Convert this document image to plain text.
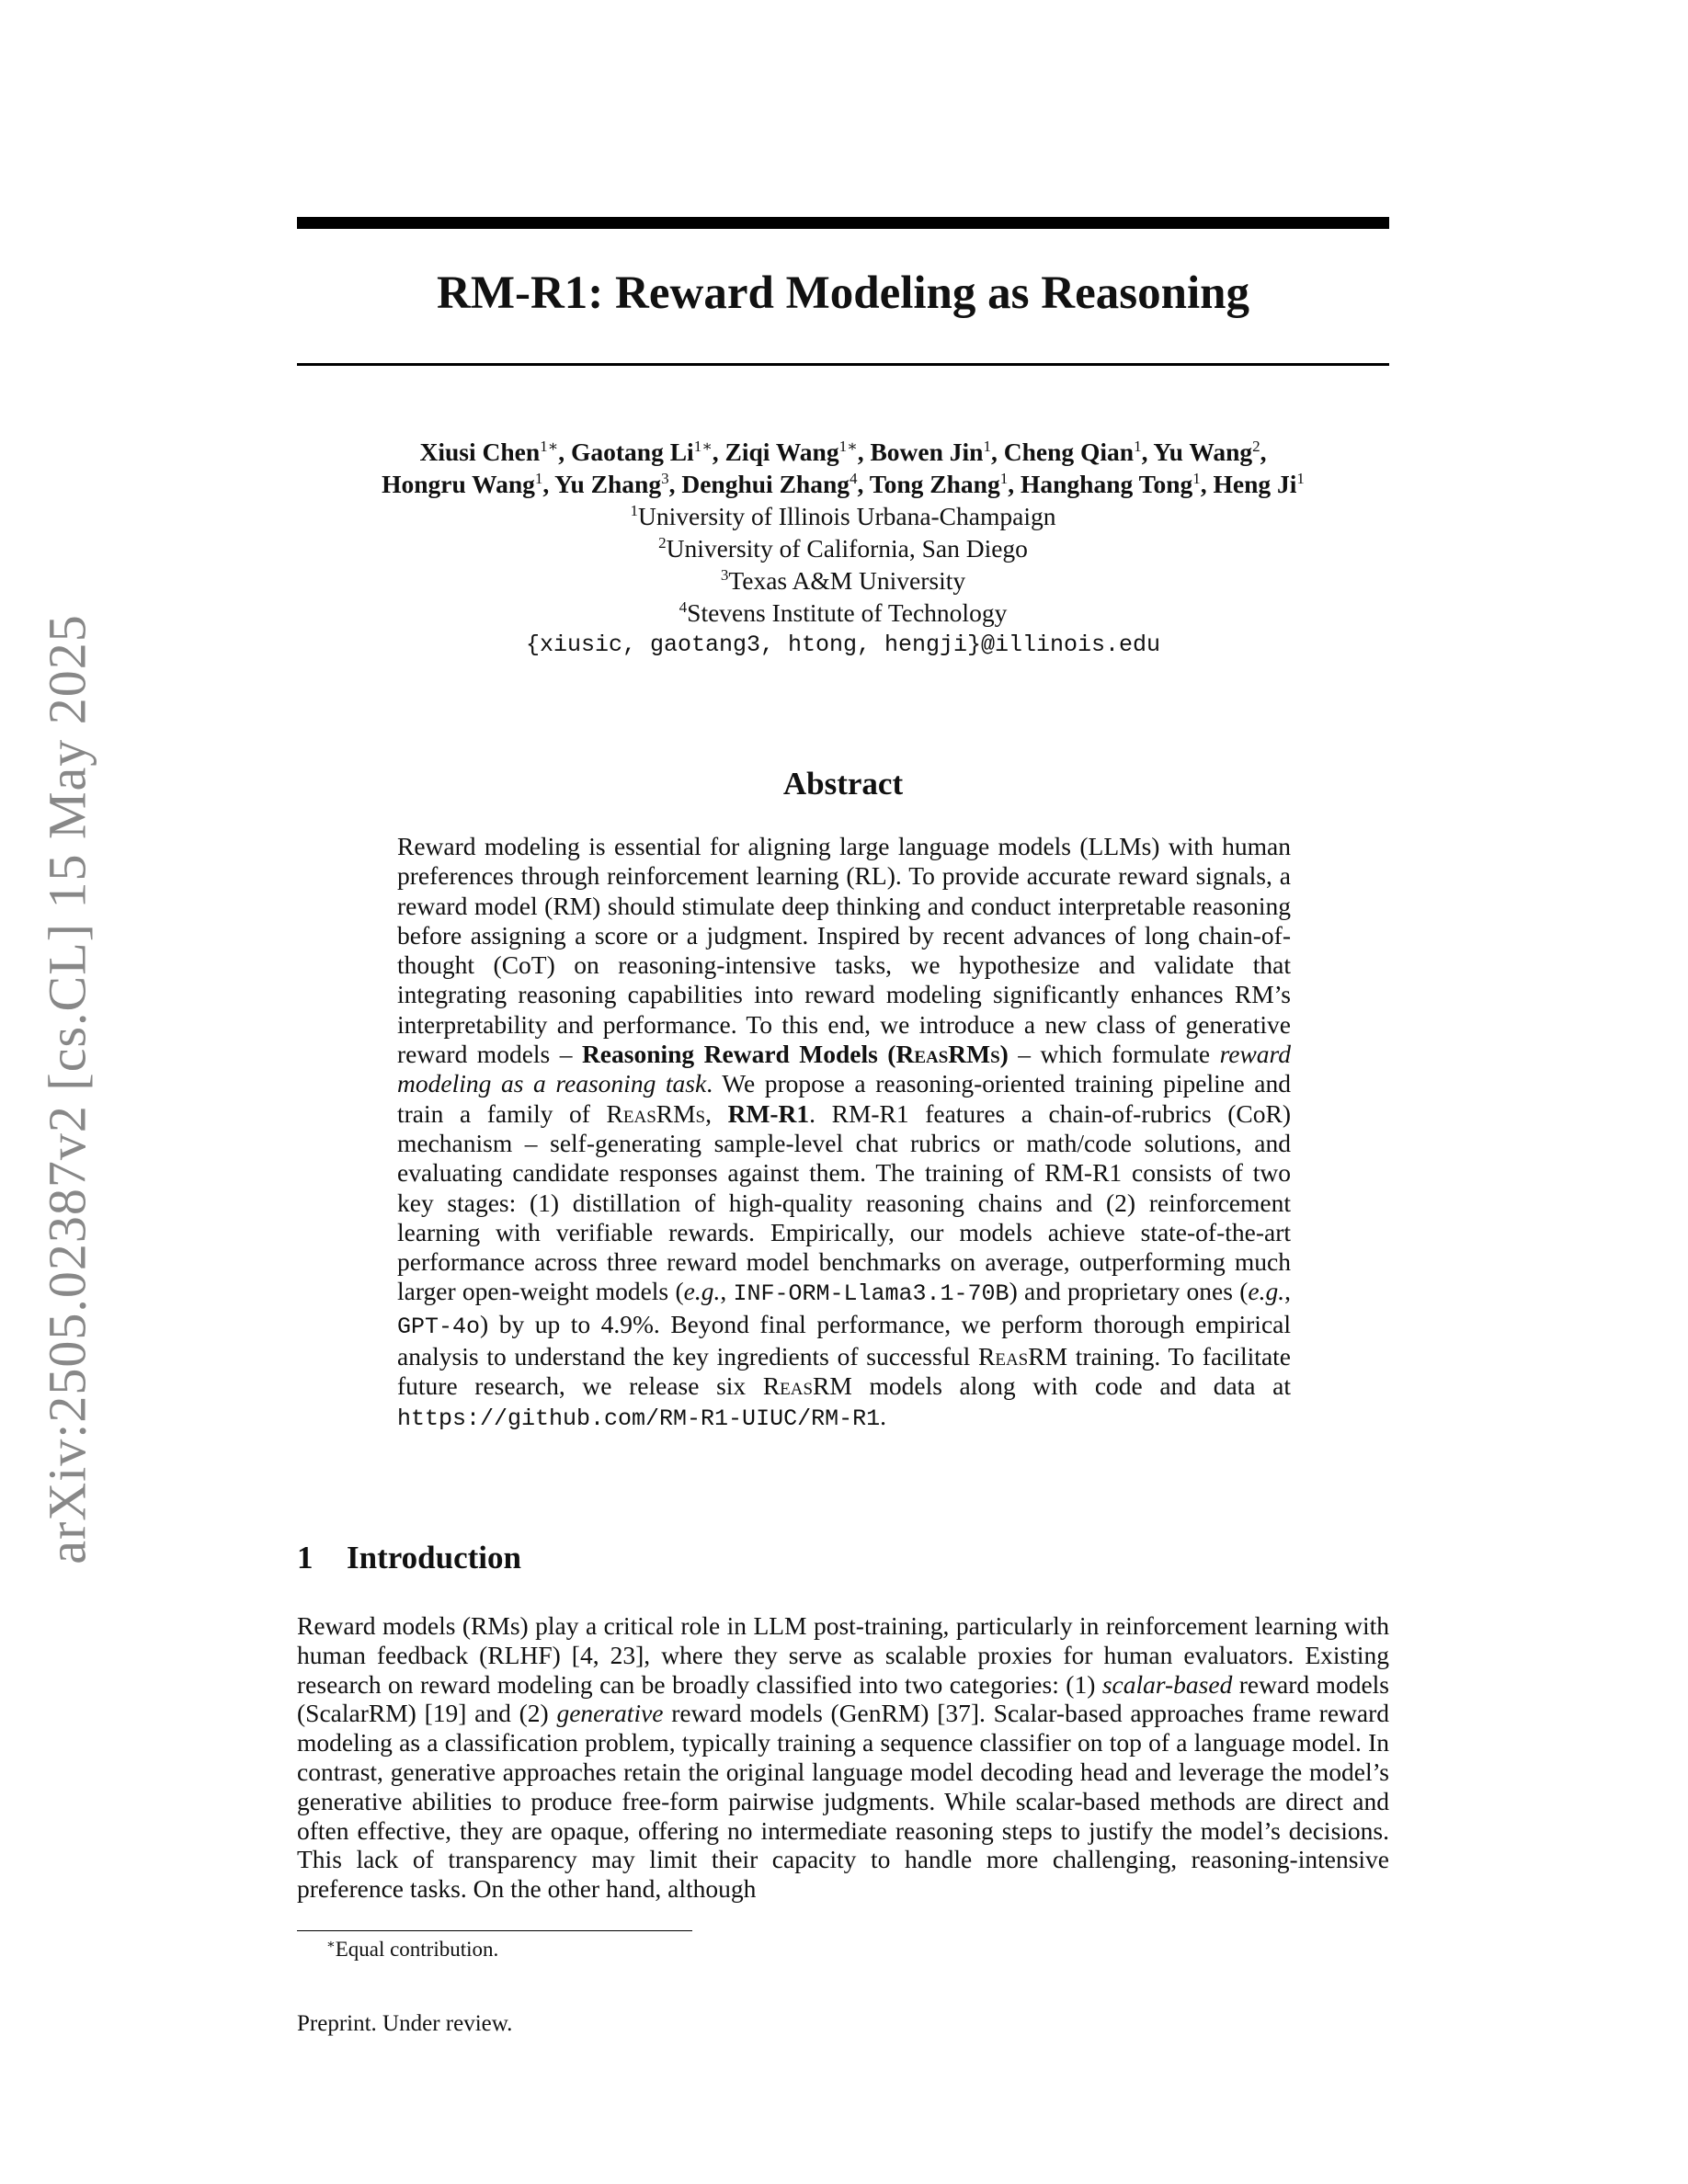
arXiv:2505.02387v2 [cs.CL] 15 May 2025
RM-R1: Reward Modeling as Reasoning
Xiusi Chen$^{1∗}$, Gaotang $Li^{1∗}$, Ziqi Wang$^{1∗}$, Bowen Jin$^1$, Cheng Qian$^1$, Yu Wang$^2$,
Hongru Wang$^1$, Yu Zhang$^3$, Denghui Zhang$^4$, Tong Zhang$^1$, Hanghang Tong$^1$, Heng Ji$^1$
$^1$University of Illinois Urbana-Champaign
$^2$University of California, San Diego
$^3$Texas A&M University
$^4$Stevens Institute of Technology
{xiusic, gaotang3, htong, hengji}@illinois.edu
Abstract
Reward modeling is essential for aligning large language models (LLMs) with human preferences through reinforcement learning (RL). To provide accurate reward signals, a reward model (RM) should stimulate deep thinking and conduct interpretable reasoning before assigning a score or a judgment. Inspired by recent advances of long chain-of-thought (CoT) on reasoning-intensive tasks, we hypothesize and validate that integrating reasoning capabilities into reward modeling significantly enhances RM’s interpretability and performance. To this end, we introduce a new class of generative reward models – Reasoning Reward Models (ReasRMs) – which formulate reward modeling as a reasoning task. We propose a reasoning-oriented training pipeline and train a family of ReasRMs, RM-R1. RM-R1 features a chain-of-rubrics (CoR) mechanism – self-generating sample-level chat rubrics or math/code solutions, and evaluating candidate responses against them. The training of RM-R1 consists of two key stages: (1) distillation of high-quality reasoning chains and (2) reinforcement learning with verifiable rewards. Empirically, our models achieve state-of-the-art performance across three reward model benchmarks on average, outperforming much larger open-weight models (e.g., INF-ORM-Llama3.1-70B) and proprietary ones (e.g., GPT-4o) by up to 4.9%. Beyond final performance, we perform thorough empirical analysis to understand the key ingredients of successful ReasRM training. To facilitate future research, we release six ReasRM models along with code and data at https://github.com/RM-R1-UIUC/RM-R1.
1 Introduction
Reward models (RMs) play a critical role in LLM post-training, particularly in reinforcement learning with human feedback (RLHF) [4, 23], where they serve as scalable proxies for human evaluators. Existing research on reward modeling can be broadly classified into two categories: (1) scalar-based reward models (ScalarRM) [19] and (2) generative reward models (GenRM) [37]. Scalar-based approaches frame reward modeling as a classification problem, typically training a sequence classifier on top of a language model. In contrast, generative approaches retain the original language model decoding head and leverage the model’s generative abilities to produce free-form pairwise judgments. While scalar-based methods are direct and often effective, they are opaque, offering no intermediate reasoning steps to justify the model’s decisions. This lack of transparency may limit their capacity to handle more challenging, reasoning-intensive preference tasks. On the other hand, although
∗Equal contribution.
Preprint. Under review.
